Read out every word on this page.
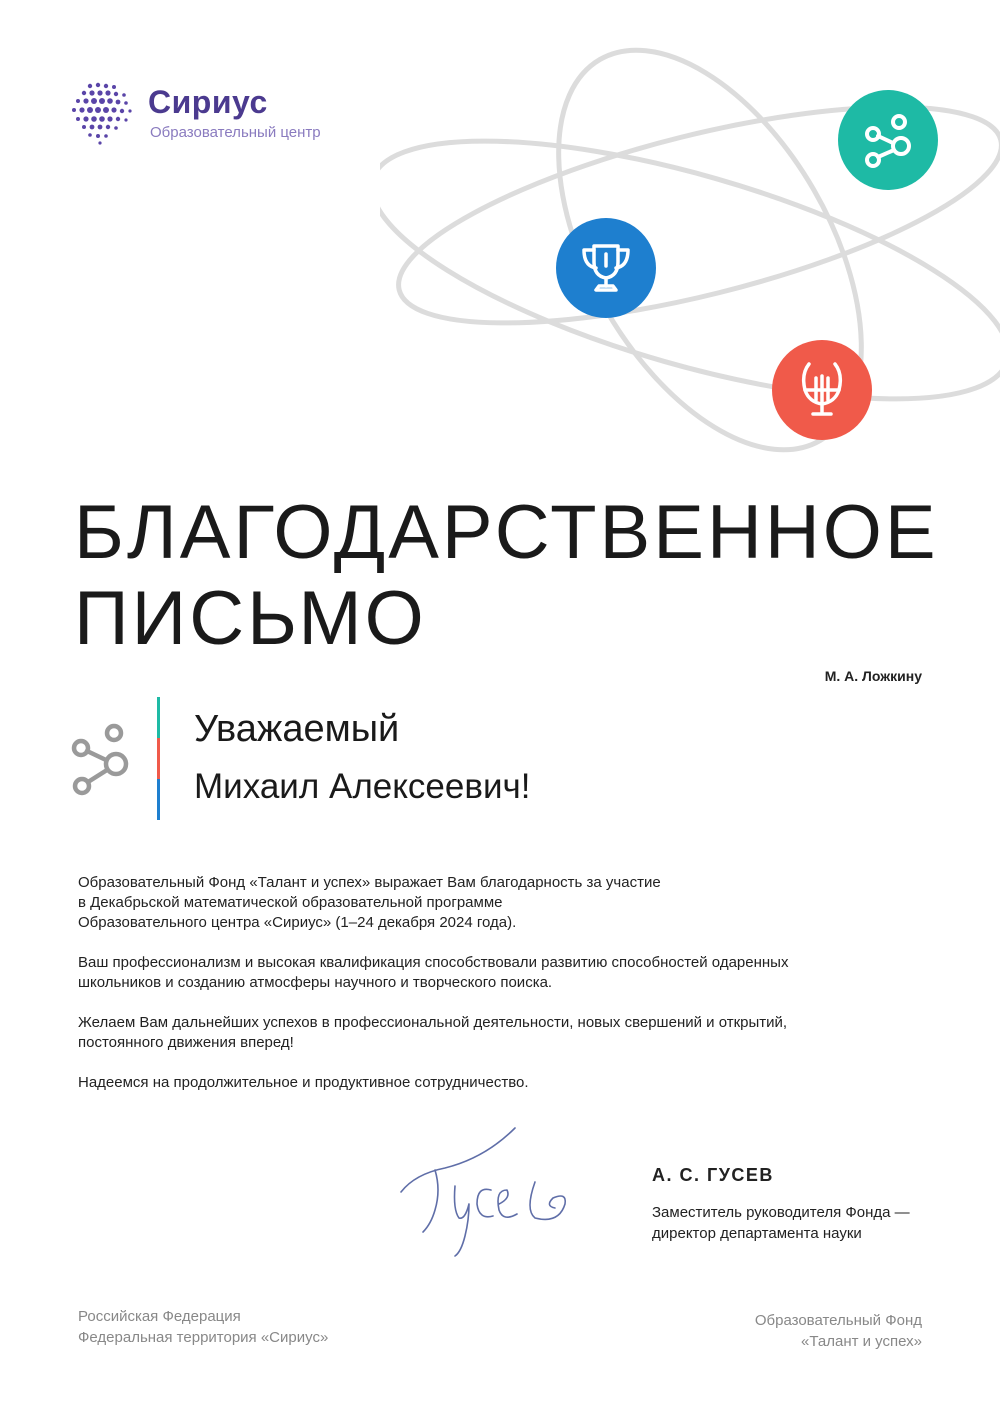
Сириус
Образовательный центр
БЛАГОДАРСТВЕННОЕ
ПИСЬМО
М. А. Ложкину
Уважаемый
Михаил Алексеевич!

Образовательный Фонд «Талант и успех» выражает Вам благодарность за участие
в Декабрьской математической образовательной программе
Образовательного центра «Сириус» (1–24 декабря 2024 года).

Ваш профессионализм и высокая квалификация способствовали развитию способностей одаренных
школьников и созданию атмосферы научного и творческого поиска.

Желаем Вам дальнейших успехов в профессиональной деятельности, новых свершений и открытий,
постоянного движения вперед!

Надеемся на продолжительное и продуктивное сотрудничество.

А. С. ГУСЕВ
Заместитель руководителя Фонда —
директор департамента науки
Российская Федерация
Федеральная территория «Сириус»
Образовательный Фонд
«Талант и успех»
